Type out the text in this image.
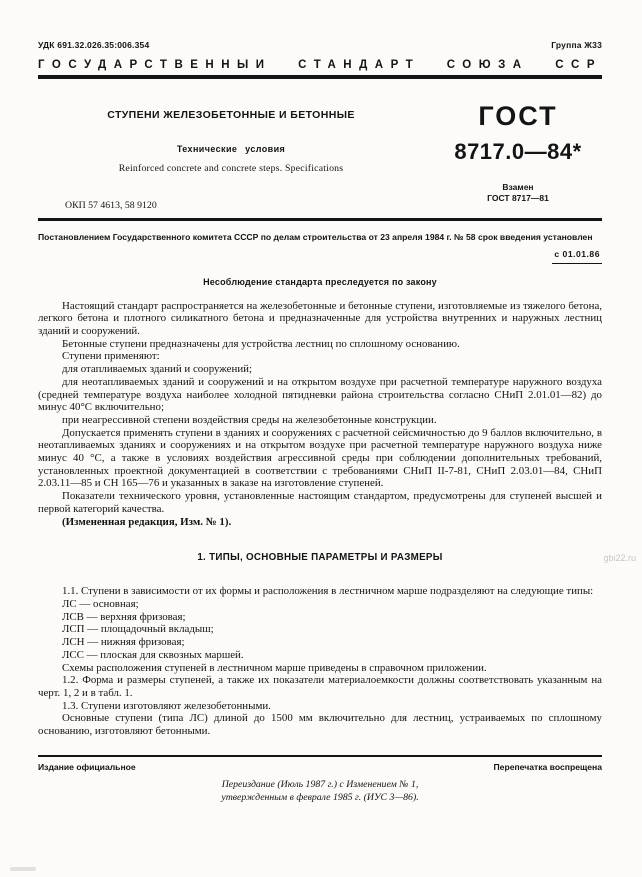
УДК 691.32.026.35:006.354	Группа Ж33
ГОСУДАРСТВЕННЫЙ СТАНДАРТ СОЮЗА ССР
СТУПЕНИ ЖЕЛЕЗОБЕТОННЫЕ И БЕТОННЫЕ
Технические условия
Reinforced concrete and concrete steps. Specifications
ОКП 57 4613, 58 9120
ГОСТ
8717.0—84*
Взамен
ГОСТ 8717—81

Постановлением Государственного комитета СССР по делам строительства от 23 апреля 1984 г. № 58 срок введения установлен

с 01.01.86
Несоблюдение стандарта преследуется по закону

Настоящий стандарт распространяется на железобетонные и бетонные ступени, изготовляемые из тяжелого бетона, легкого бетона и плотного силикатного бетона и предназначенные для устройства внутренних и наружных лестниц зданий и сооружений.

Бетонные ступени предназначены для устройства лестниц по сплошному основанию.

Ступени применяют:

для отапливаемых зданий и сооружений;

для неотапливаемых зданий и сооружений и на открытом воздухе при расчетной температуре наружного воздуха (средней температуре воздуха наиболее холодной пятидневки района строительства согласно СНиП 2.01.01—82) до минус 40°С включительно;

при неагрессивной степени воздействия среды на железобетонные конструкции.

Допускается применять ступени в зданиях и сооружениях с расчетной сейсмичностью до 9 баллов включительно, в неотапливаемых зданиях и сооружениях и на открытом воздухе при расчетной температуре наружного воздуха ниже минус 40 °С, а также в условиях воздействия агрессивной среды при соблюдении дополнительных требований, установленных проектной документацией в соответствии с требованиями СНиП II-7-81, СНиП 2.03.01—84, СНиП 2.03.11—85 и СН 165—76 и указанных в заказе на изготовление ступеней.

Показатели технического уровня, установленные настоящим стандартом, предусмотрены для ступеней высшей и первой категорий качества.

(Измененная редакция, Изм. № 1).

1. ТИПЫ, ОСНОВНЫЕ ПАРАМЕТРЫ И РАЗМЕРЫ

1.1. Ступени в зависимости от их формы и расположения в лестничном марше подразделяют на следующие типы:

ЛС — основная;

ЛСВ — верхняя фризовая;

ЛСП — площадочный вкладыш;

ЛСН — нижняя фризовая;

ЛСС — плоская для сквозных маршей.

Схемы расположения ступеней в лестничном марше приведены в справочном приложении.

1.2. Форма и размеры ступеней, а также их показатели материалоемкости должны соответствовать указанным на черт. 1, 2 и в табл. 1.

1.3. Ступени изготовляют железобетонными.

Основные ступени (типа ЛС) длиной до 1500 мм включительно для лестниц, устраиваемых по сплошному основанию, изготовляют бетонными.

Издание официальное	Перепечатка воспрещена
Переиздание (Июль 1987 г.) с Изменением № 1,
утвержденным в феврале 1985 г. (ИУС 3—86).
gbi22.ru
